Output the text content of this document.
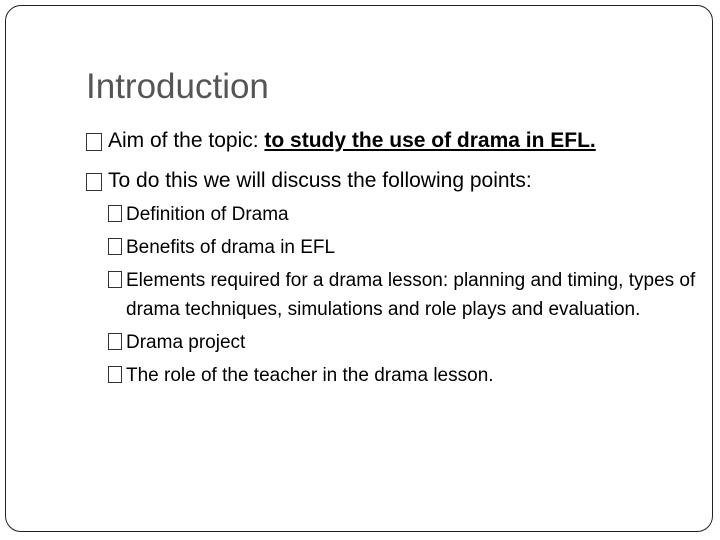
Introduction
Aim of the topic: to study the use of drama in EFL.
To do this we will discuss the following points:
Definition of Drama
Benefits of drama in EFL
Elements required for a drama lesson: planning and timing, types of drama techniques, simulations and role plays and evaluation.
Drama project
The role of the teacher in the drama lesson.
